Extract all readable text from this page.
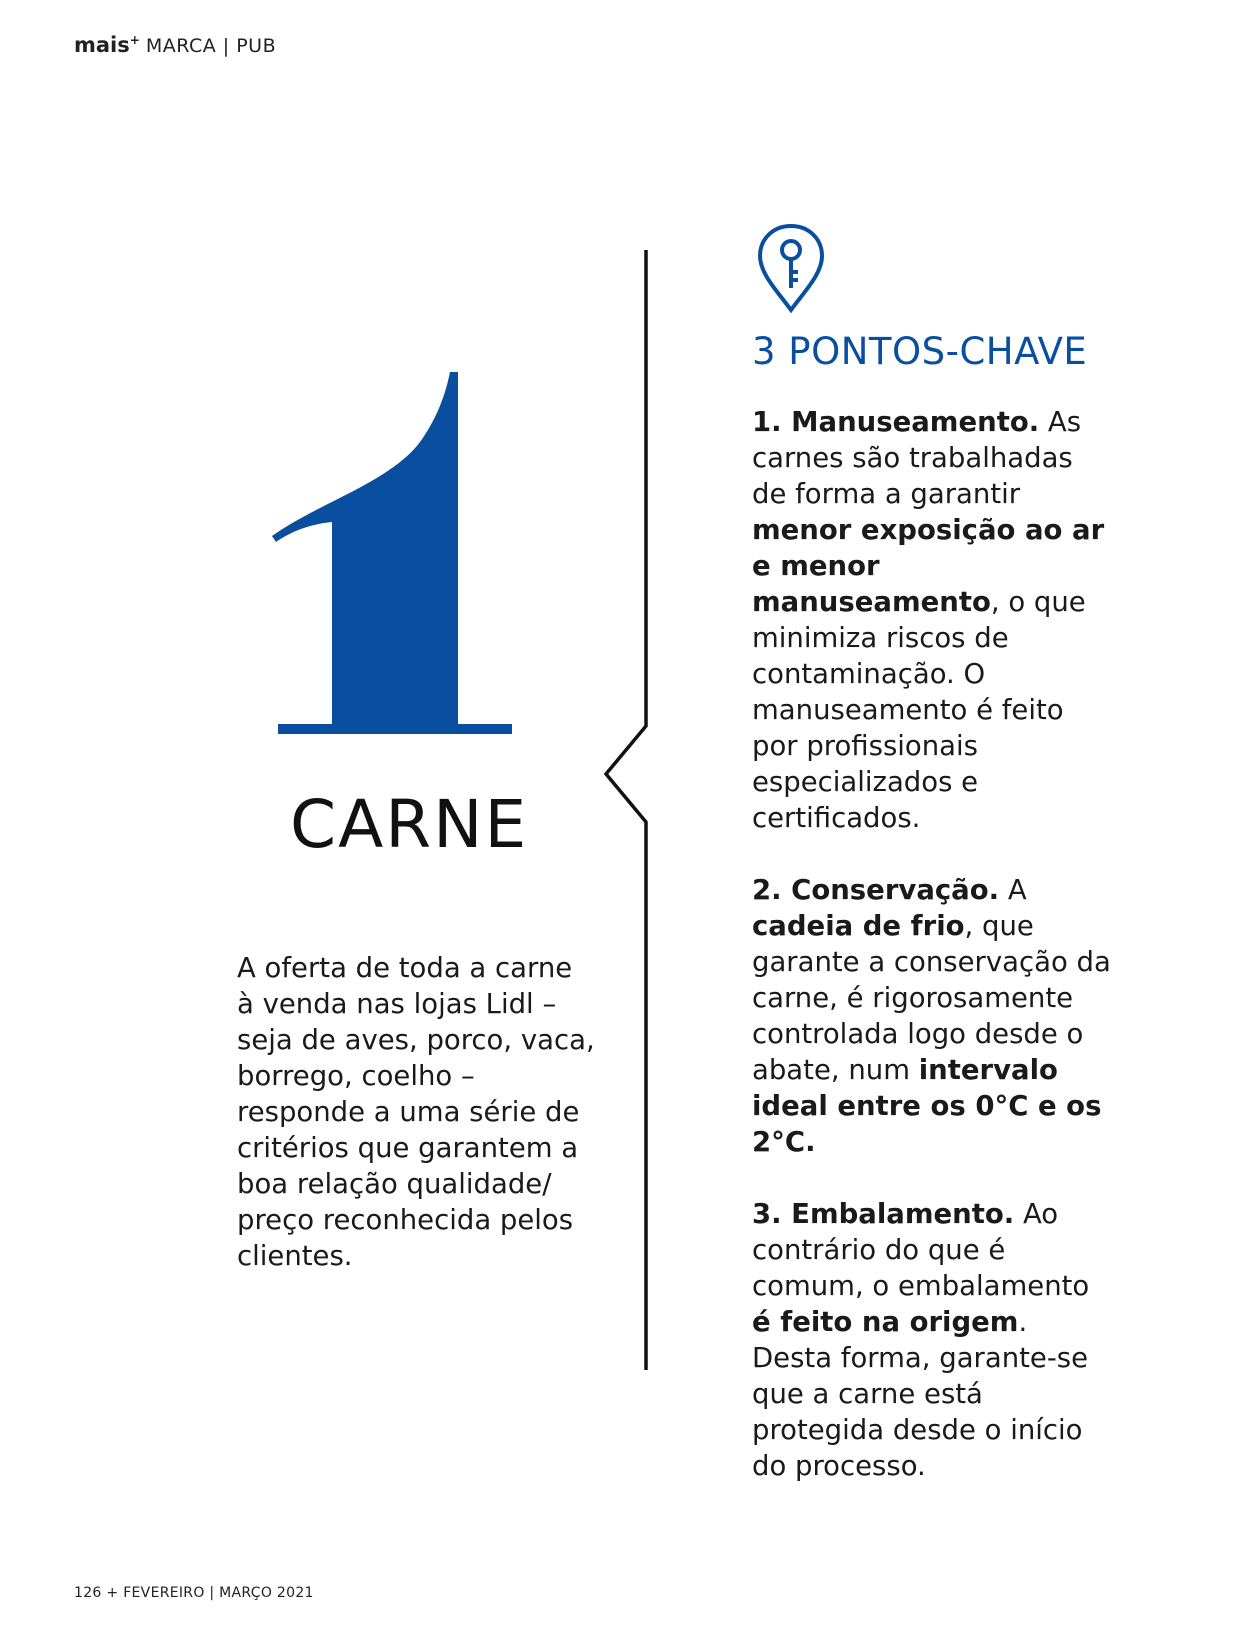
mais+ MARCA | PUB
CARNE
A oferta de toda a carne à venda nas lojas Lidl – seja de aves, porco, vaca, borrego, coelho – responde a uma série de critérios que garantem a boa relação qualidade/ preço reconhecida pelos clientes.
3 PONTOS-CHAVE

1. Manuseamento. As carnes são trabalhadas de forma a garantir menor exposição ao ar e menor manuseamento, o que minimiza riscos de contaminação. O manuseamento é feito por profissionais especializados e certificados.

2. Conservação. A cadeia de frio, que garante a conservação da carne, é rigorosamente controlada logo desde o abate, num intervalo ideal entre os 0°C e os 2°C.

3. Embalamento. Ao contrário do que é comum, o embalamento é feito na origem. Desta forma, garante-se que a carne está protegida desde o início do processo.

126 + FEVEREIRO | MARÇO 2021
